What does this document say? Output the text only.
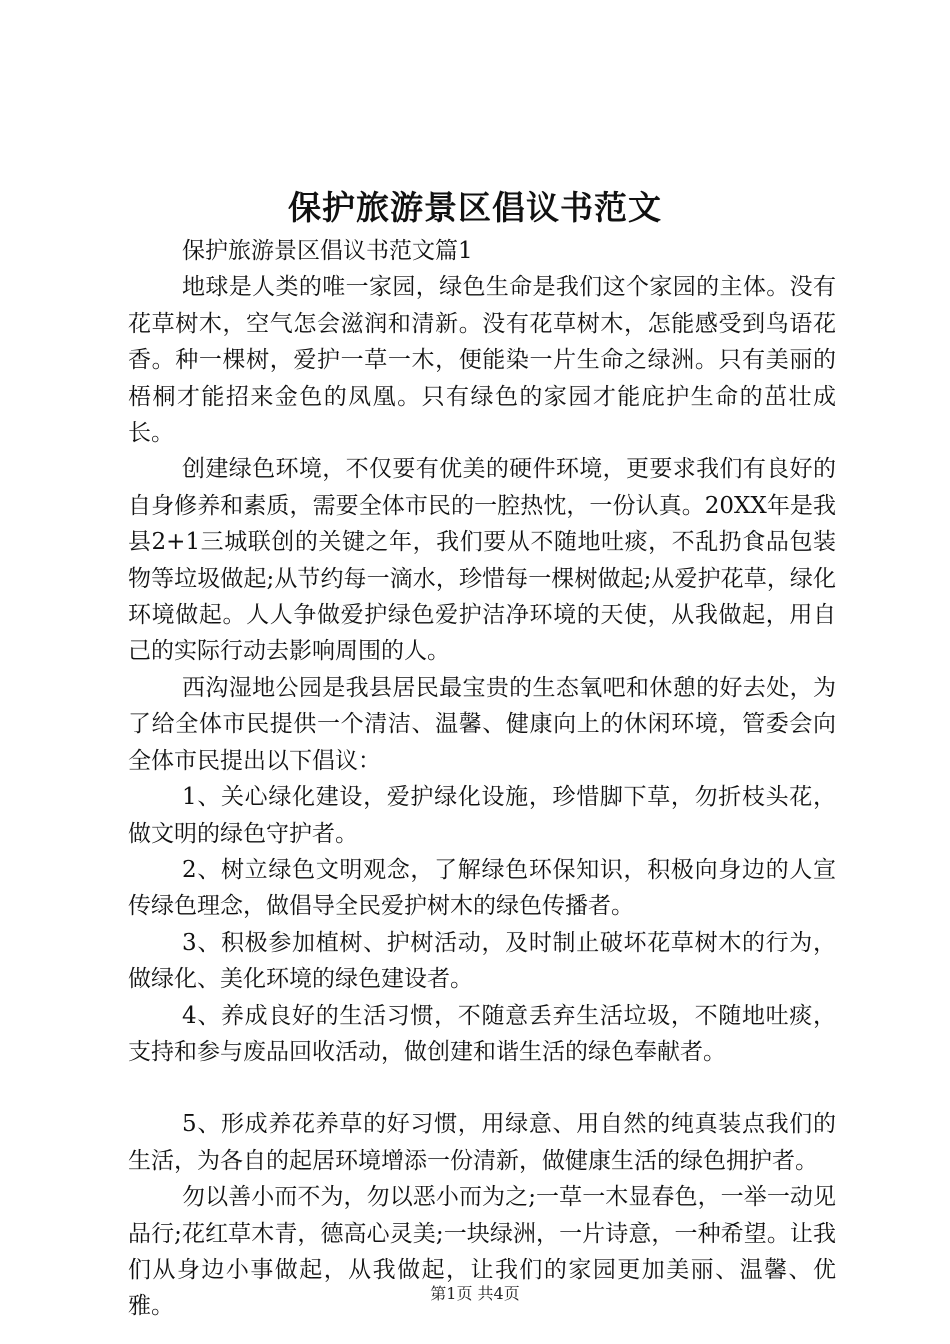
保护旅游景区倡议书范文

保护旅游景区倡议书范文篇1

地球是人类的唯一家园，绿色生命是我们这个家园的主体。没有花草树木，空气怎会滋润和清新。没有花草树木，怎能感受到鸟语花香。种一棵树，爱护一草一木，便能染一片生命之绿洲。只有美丽的梧桐才能招来金色的凤凰。只有绿色的家园才能庇护生命的茁壮成长。

创建绿色环境，不仅要有优美的硬件环境，更要求我们有良好的自身修养和素质，需要全体市民的一腔热忱，一份认真。20XX年是我县2+1三城联创的关键之年，我们要从不随地吐痰，不乱扔食品包装物等垃圾做起;从节约每一滴水，珍惜每一棵树做起;从爱护花草，绿化环境做起。人人争做爱护绿色爱护洁净环境的天使，从我做起，用自己的实际行动去影响周围的人。

西沟湿地公园是我县居民最宝贵的生态氧吧和休憩的好去处，为了给全体市民提供一个清洁、温馨、健康向上的休闲环境，管委会向全体市民提出以下倡议：

1、关心绿化建设，爱护绿化设施，珍惜脚下草，勿折枝头花，做文明的绿色守护者。

2、树立绿色文明观念，了解绿色环保知识，积极向身边的人宣传绿色理念，做倡导全民爱护树木的绿色传播者。

3、积极参加植树、护树活动，及时制止破坏花草树木的行为，做绿化、美化环境的绿色建设者。

4、养成良好的生活习惯，不随意丢弃生活垃圾，不随地吐痰，支持和参与废品回收活动，做创建和谐生活的绿色奉献者。

5、形成养花养草的好习惯，用绿意、用自然的纯真装点我们的生活，为各自的起居环境增添一份清新，做健康生活的绿色拥护者。

勿以善小而不为，勿以恶小而为之;一草一木显春色，一举一动见品行;花红草木青，德高心灵美;一块绿洲，一片诗意，一种希望。让我们从身边小事做起，从我做起，让我们的家园更加美丽、温馨、优雅。	第1页 共4页
